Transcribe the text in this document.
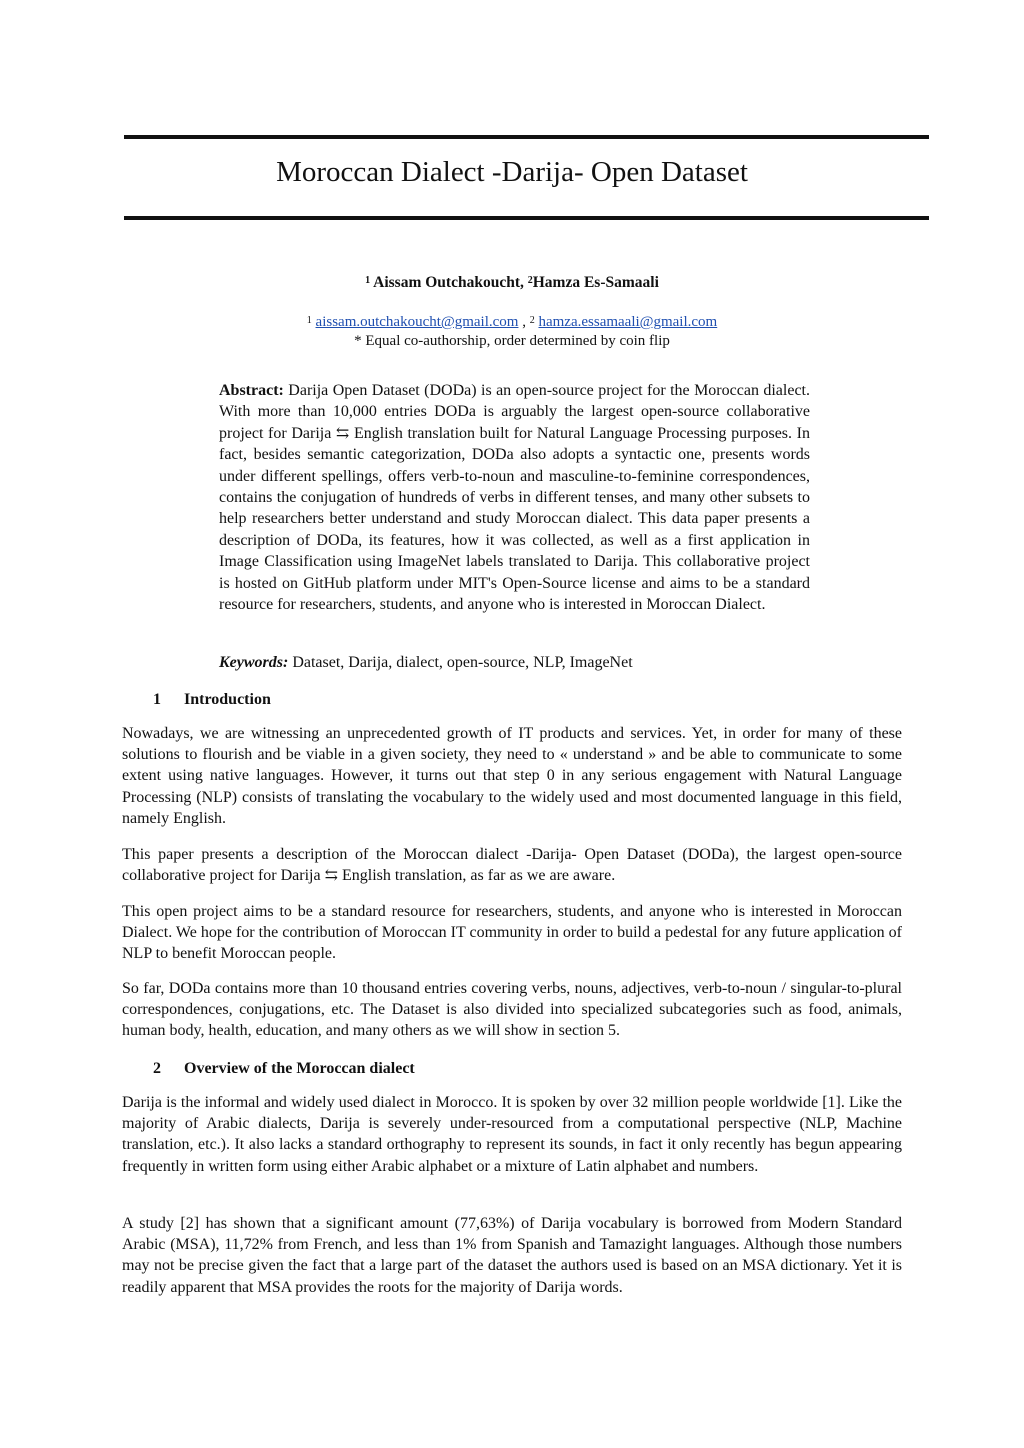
Moroccan Dialect -Darija- Open Dataset
$^1$ Aissam Outchakoucht, $^2$Hamza Es-Samaali
$^1$ aissam.outchakoucht@gmail.com , $^2$ hamza.essamaali@gmail.com
* Equal co-authorship, order determined by coin flip
Abstract: Darija Open Dataset (DODa) is an open-source project for the Moroccan dialect. With more than 10,000 entries DODa is arguably the largest open-source collaborative project for Darija ⇆ English translation built for Natural Language Processing purposes. In fact, besides semantic categorization, DODa also adopts a syntactic one, presents words under different spellings, offers verb-to-noun and masculine-to-feminine correspondences, contains the conjugation of hundreds of verbs in different tenses, and many other subsets to help researchers better understand and study Moroccan dialect. This data paper presents a description of DODa, its features, how it was collected, as well as a first application in Image Classification using ImageNet labels translated to Darija. This collaborative project is hosted on GitHub platform under MIT's Open-Source license and aims to be a standard resource for researchers, students, and anyone who is interested in Moroccan Dialect.
Keywords: Dataset, Darija, dialect, open-source, NLP, ImageNet
1 Introduction

Nowadays, we are witnessing an unprecedented growth of IT products and services. Yet, in order for many of these solutions to flourish and be viable in a given society, they need to « understand » and be able to communicate to some extent using native languages. However, it turns out that step 0 in any serious engagement with Natural Language Processing (NLP) consists of translating the vocabulary to the widely used and most documented language in this field, namely English.

This paper presents a description of the Moroccan dialect -Darija- Open Dataset (DODa), the largest open-source collaborative project for Darija ⇆ English translation, as far as we are aware.

This open project aims to be a standard resource for researchers, students, and anyone who is interested in Moroccan Dialect. We hope for the contribution of Moroccan IT community in order to build a pedestal for any future application of NLP to benefit Moroccan people.

So far, DODa contains more than 10 thousand entries covering verbs, nouns, adjectives, verb-to-noun / singular-to-plural correspondences, conjugations, etc. The Dataset is also divided into specialized subcategories such as food, animals, human body, health, education, and many others as we will show in section 5.

2 Overview of the Moroccan dialect

Darija is the informal and widely used dialect in Morocco. It is spoken by over 32 million people worldwide [1]. Like the majority of Arabic dialects, Darija is severely under-resourced from a computational perspective (NLP, Machine translation, etc.). It also lacks a standard orthography to represent its sounds, in fact it only recently has begun appearing frequently in written form using either Arabic alphabet or a mixture of Latin alphabet and numbers.

A study [2] has shown that a significant amount (77,63%) of Darija vocabulary is borrowed from Modern Standard Arabic (MSA), 11,72% from French, and less than 1% from Spanish and Tamazight languages. Although those numbers may not be precise given the fact that a large part of the dataset the authors used is based on an MSA dictionary. Yet it is readily apparent that MSA provides the roots for the majority of Darija words.
